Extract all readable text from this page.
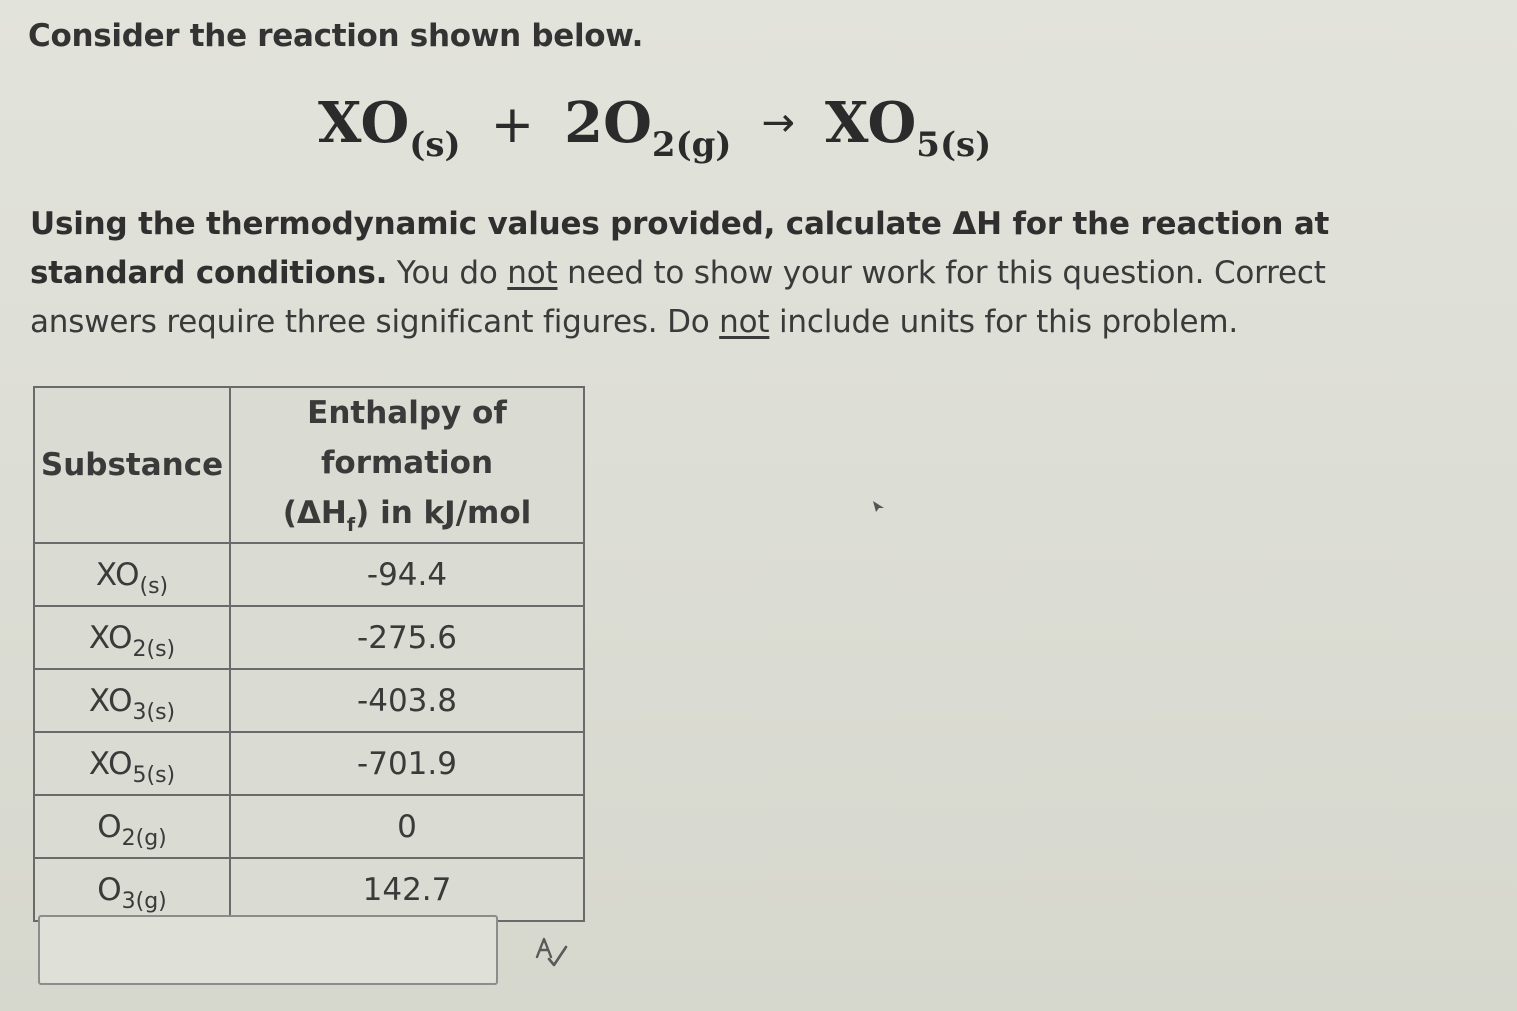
Consider the reaction shown below.
XO (s) + 2O 2(g) → XO 5(s)
Using the thermodynamic values provided, calculate ΔH for the reaction at standard conditions. You do not need to show your work for this question. Correct answers require three significant figures. Do not include units for this problem.
Substance	Enthalpy of formation
$(\Delta H_f)$ in kJ/mol
$XO_{(s)}$	-94.4
$XO_{2(s)}$	-275.6
$XO_{3(s)}$	-403.8
$XO_{5(s)}$	-701.9
$O_{2(g)}$	0
$O_{3(g)}$	142.7
